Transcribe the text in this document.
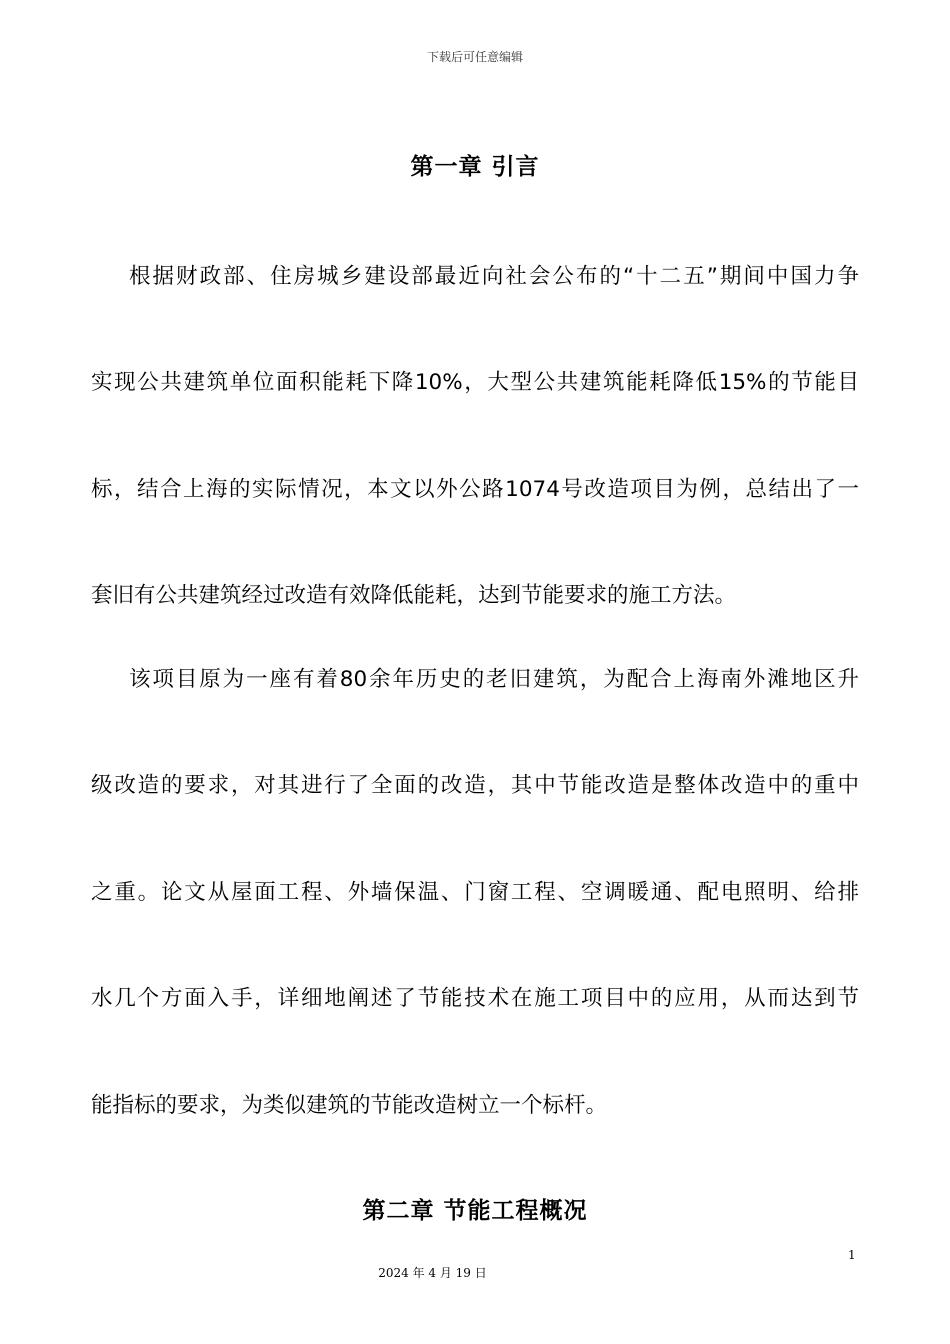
下载后可任意编辑
第一章 引言
根据财政部、住房城乡建设部最近向社会公布的“十二五”期间中国力争
实现公共建筑单位面积能耗下降10%，大型公共建筑能耗降低15%的节能目
标，结合上海的实际情况，本文以外公路1074号改造项目为例，总结出了一
套旧有公共建筑经过改造有效降低能耗，达到节能要求的施工方法。
该项目原为一座有着80余年历史的老旧建筑，为配合上海南外滩地区升
级改造的要求，对其进行了全面的改造，其中节能改造是整体改造中的重中
之重。论文从屋面工程、外墙保温、门窗工程、空调暖通、配电照明、给排
水几个方面入手，详细地阐述了节能技术在施工项目中的应用，从而达到节
能指标的要求，为类似建筑的节能改造树立一个标杆。
第二章 节能工程概况
1
2024 年 4 月 19 日
